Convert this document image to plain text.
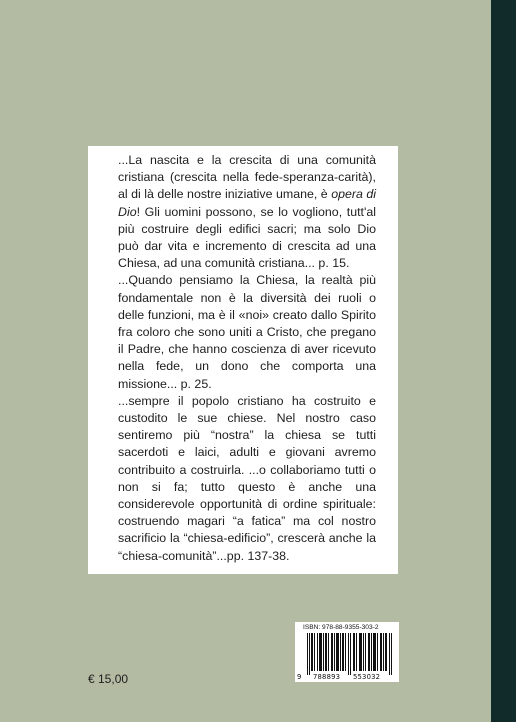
...La nascita e la crescita di una comunità cristiana (crescita nella fede-speranza-carità), al di là delle nostre iniziative umane, è opera di Dio! Gli uomini possono, se lo vogliono, tutt'al più costruire degli edifici sacri; ma solo Dio può dar vita e incremento di crescita ad una Chiesa, ad una comunità cristiana... p. 15.

...Quando pensiamo la Chiesa, la realtà più fondamentale non è la diversità dei ruoli o delle funzioni, ma è il «noi» creato dallo Spirito fra coloro che sono uniti a Cristo, che pregano il Padre, che hanno coscienza di aver ricevuto nella fede, un dono che comporta una missione... p. 25.

...sempre il popolo cristiano ha costruito e custodito le sue chiese. Nel nostro caso sentiremo più “nostra” la chiesa se tutti sacerdoti e laici, adulti e giovani avremo contribuito a costruirla. ...o collaboriamo tutti o non si fa; tutto questo è anche una considerevole opportunità di ordine spirituale: costruendo magari “a fatica” ma col nostro sacrificio la “chiesa-edificio”, crescerà anche la “chiesa-comunità”...pp. 137-38.

ISBN: 978-88-9355-303-2
9 788893 553032
€ 15,00
